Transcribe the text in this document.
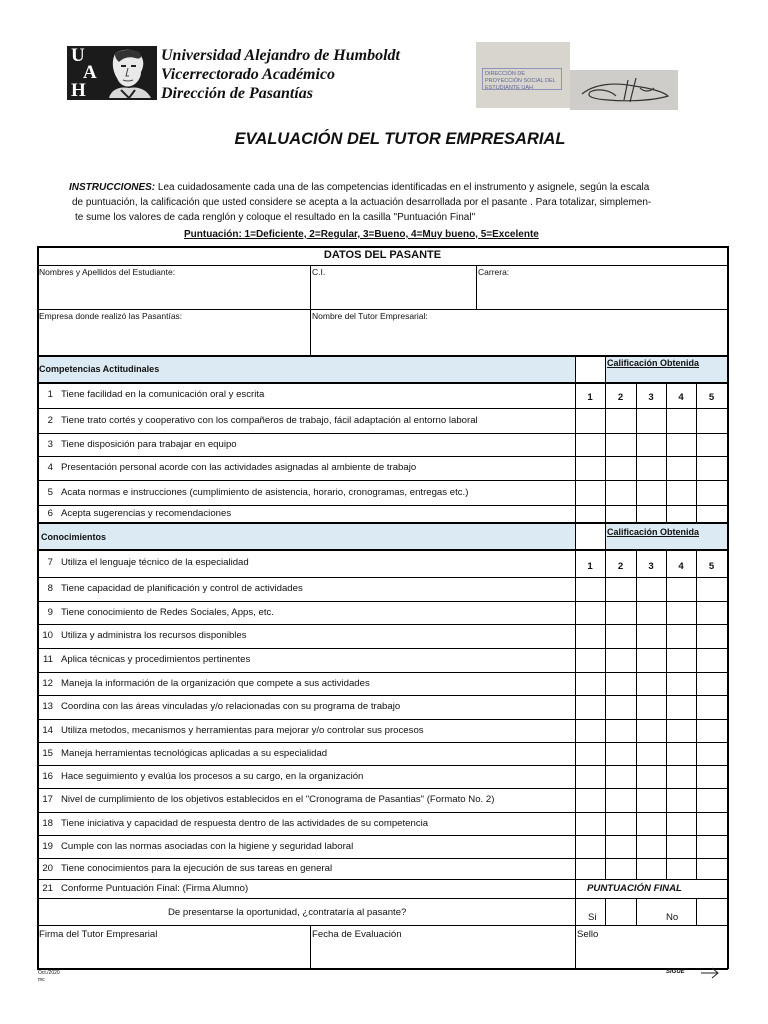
U
A
H
Universidad Alejandro de Humboldt
Vicerrectorado Académico
Dirección de Pasantías
DIRECCIÓN DE PROYECCIÓN SOCIAL DEL ESTUDIANTE UAH
EVALUACIÓN DEL TUTOR EMPRESARIAL
INSTRUCCIONES: Lea cuidadosamente cada una de las competencias identificadas en el instrumento y asignele, según la escala
de puntuación, la calificación que usted considere se acepta a la actuación desarrollada por el pasante . Para totalizar, simplemen-
te sume los valores de cada renglón y coloque el resultado en la casilla "Puntuación Final"
Puntuación: 1=Deficiente, 2=Regular, 3=Bueno, 4=Muy bueno, 5=Excelente
1 Tiene facilidad en la comunicación oral y escrita
2 Tiene trato cortés y cooperativo con los compañeros de trabajo, fácil adaptación al entorno laboral
3 Tiene disposición para trabajar en equipo
4 Presentación personal acorde con las actividades asignadas al ambiente de trabajo
5 Acata normas e instrucciones (cumplimiento de asistencia, horario, cronogramas, entregas etc.)
6 Acepta sugerencias y recomendaciones
7 Utiliza el lenguaje técnico de la especialidad
8 Tiene capacidad de planificación y control de actividades
9 Tiene conocimiento de Redes Sociales, Apps, etc.
10 Utiliza y administra los recursos disponibles
11 Aplica técnicas y procedimientos pertinentes
12 Maneja la información de la organización que compete a sus actividades
13 Coordina con las áreas vinculadas y/o relacionadas con su programa de trabajo
14 Utiliza metodos, mecanismos y herramientas para mejorar y/o controlar sus procesos
15 Maneja herramientas tecnológicas aplicadas a su especialidad
16 Hace seguimiento y evalúa los procesos a su cargo, en la organización
17 Nivel de cumplimiento de los objetivos establecidos en el "Cronograma de Pasantias" (Formato No. 2)
18 Tiene iniciativa y capacidad de respuesta dentro de las actividades de su competencia
19 Cumple con las normas asociadas con la higiene y seguridad laboral
20 Tiene conocimientos para la ejecución de sus tareas en general
21 Conforme Puntuación Final: (Firma Alumno)
1	2	3	4	5
1	2	3	4	5
DATOS DEL PASANTE
Nombres y Apellidos del Estudiante:	C.I.	Carrera:
Empresa donde realizó las Pasantías:	Nombre del Tutor Empresarial:
Competencias Actitudinales
Calificación Obtenida
Conocimientos	Calificación Obtenida
PUNTUACIÓN FINAL
De presentarse la oportunidad, ¿contrataría al pasante?	Si	No
Firma del Tutor Empresarial	Fecha de Evaluación	Sello
Oct./2020
mc
SIGUE
